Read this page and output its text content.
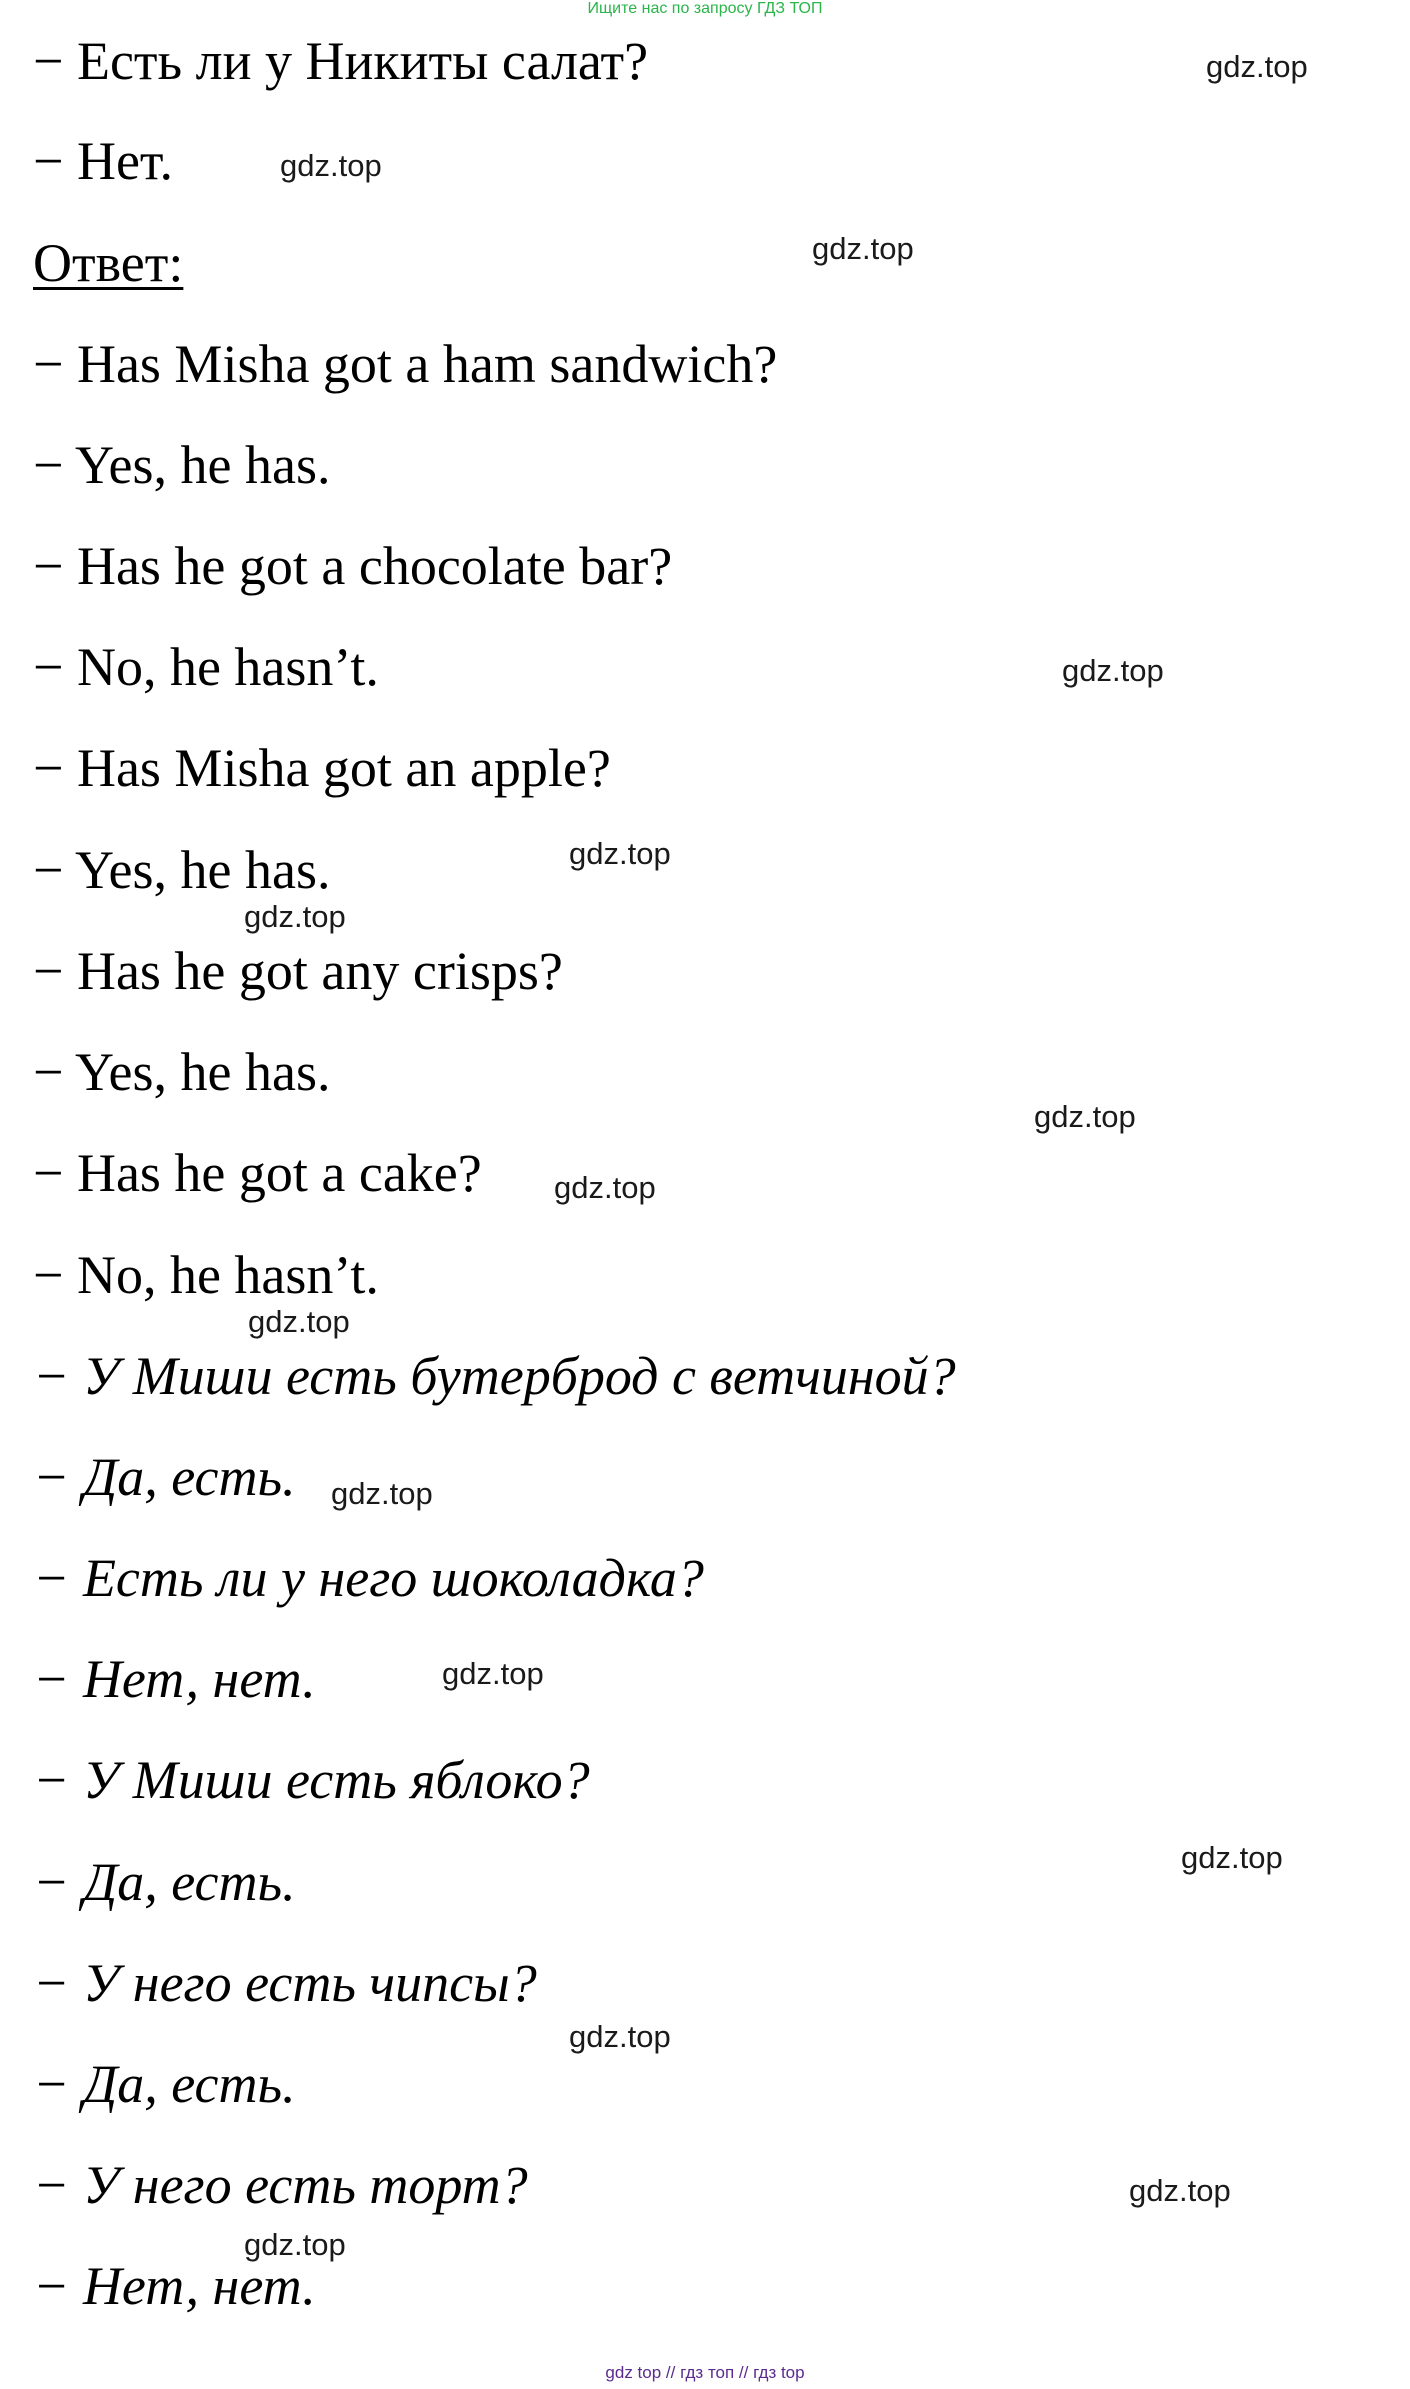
Ищите нас по запросу ГДЗ ТОП
− Есть ли у Никиты салат?
− Нет.
Ответ:
− Has Misha got a ham sandwich?
− Yes, he has.
− Has he got a chocolate bar?
− No, he hasn’t.
− Has Misha got an apple?
− Yes, he has.
− Has he got any crisps?
− Yes, he has.
− Has he got a cake?
− No, he hasn’t.
− У Миши есть бутерброд с ветчиной?
− Да, есть.
− Есть ли у него шоколадка?
− Нет, нет.
− У Миши есть яблоко?
− Да, есть.
− У него есть чипсы?
− Да, есть.
− У него есть торт?
− Нет, нет.
gdz.top
gdz.top
gdz.top
gdz.top
gdz.top
gdz.top
gdz.top
gdz.top
gdz.top
gdz.top
gdz.top
gdz.top
gdz.top
gdz.top
gdz.top
gdz top // гдз топ // гдз top
